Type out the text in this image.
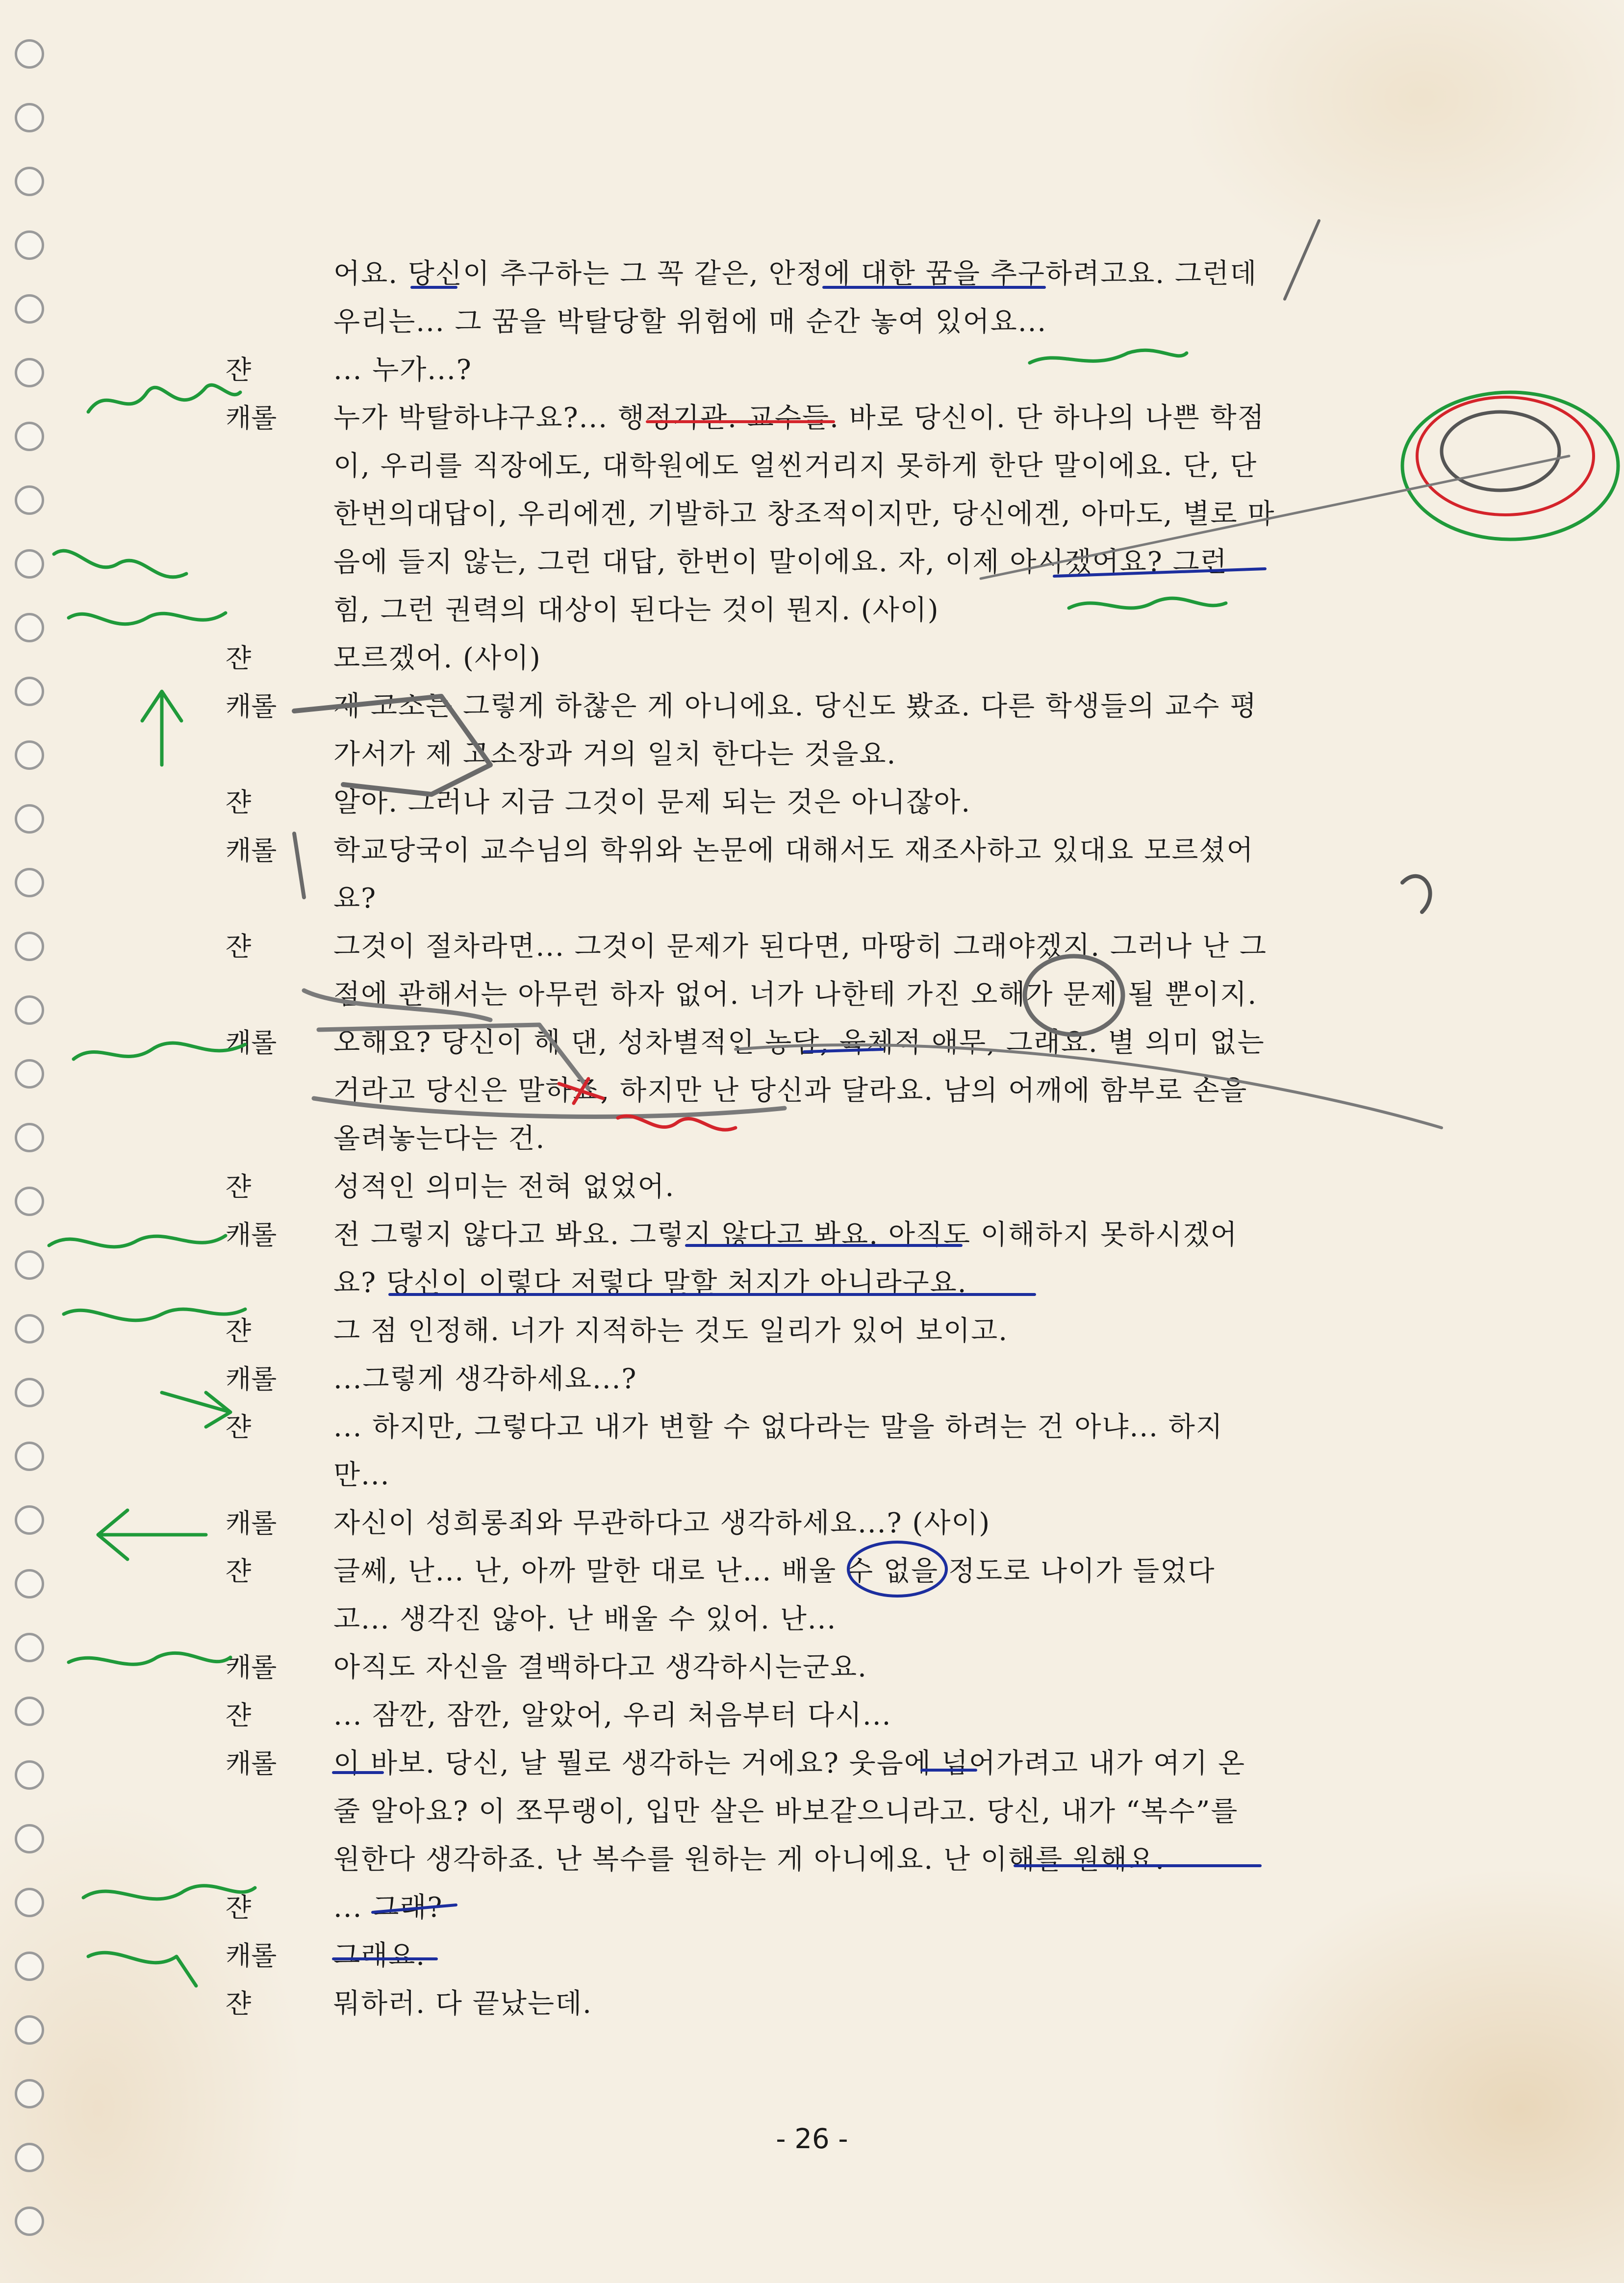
어요. 당신이 추구하는 그 꼭 같은, 안정에 대한 꿈을 추구하려고요. 그런데
우리는... 그 꿈을 박탈당할 위험에 매 순간 놓여 있어요...
쟌	... 누가...?
캐롤	누가 박탈하냐구요?... 행정기관. 교수들. 바로 당신이. 단 하나의 나쁜 학점
이, 우리를 직장에도, 대학원에도 얼씬거리지 못하게 한단 말이에요. 단, 단
한번의대답이, 우리에겐, 기발하고 창조적이지만, 당신에겐, 아마도, 별로 마
음에 들지 않는, 그런 대답, 한번이 말이에요. 자, 이제 아시겠어요? 그런
힘, 그런 권력의 대상이 된다는 것이 뭔지. (사이)
쟌	모르겠어. (사이)
캐롤	제 고소는 그렇게 하찮은 게 아니에요. 당신도 봤죠. 다른 학생들의 교수 평
가서가 제 고소장과 거의 일치 한다는 것을요.
쟌	알아. 그러나 지금 그것이 문제 되는 것은 아니잖아.
캐롤	학교당국이 교수님의 학위와 논문에 대해서도 재조사하고 있대요 모르셨어
요?
쟌	그것이 절차라면... 그것이 문제가 된다면, 마땅히 그래야겠지. 그러나 난 그
점에 관해서는 아무런 하자 없어. 너가 나한테 가진 오해가 문제 될 뿐이지.
캐롤	오해요? 당신이 해 댄, 성차별적인 농담, 육체적 애무, 그래요. 별 의미 없는
거라고 당신은 말하죠, 하지만 난 당신과 달라요. 남의 어깨에 함부로 손을
올려놓는다는 건.
쟌	성적인 의미는 전혀 없었어.
캐롤	전 그렇지 않다고 봐요. 그렇지 않다고 봐요. 아직도 이해하지 못하시겠어
요? 당신이 이렇다 저렇다 말할 처지가 아니라구요.
쟌	그 점 인정해. 너가 지적하는 것도 일리가 있어 보이고.
캐롤	...그렇게 생각하세요...?
쟌	... 하지만, 그렇다고 내가 변할 수 없다라는 말을 하려는 건 아냐... 하지
만...
캐롤	자신이 성희롱죄와 무관하다고 생각하세요...? (사이)
쟌	글쎄, 난... 난, 아까 말한 대로 난... 배울 수 없을 정도로 나이가 들었다
고... 생각진 않아. 난 배울 수 있어. 난...
캐롤	아직도 자신을 결백하다고 생각하시는군요.
쟌	... 잠깐, 잠깐, 알았어, 우리 처음부터 다시...
캐롤	이 바보. 당신, 날 뭘로 생각하는 거에요? 웃음에 넘어가려고 내가 여기 온
줄 알아요? 이 쪼무랭이, 입만 살은 바보같으니라고. 당신, 내가 “복수”를
원한다 생각하죠. 난 복수를 원하는 게 아니에요. 난 이해를 원해요.
쟌	... 그래?
캐롤	그래요.
쟌	뭐하러. 다 끝났는데.
- 26 -
